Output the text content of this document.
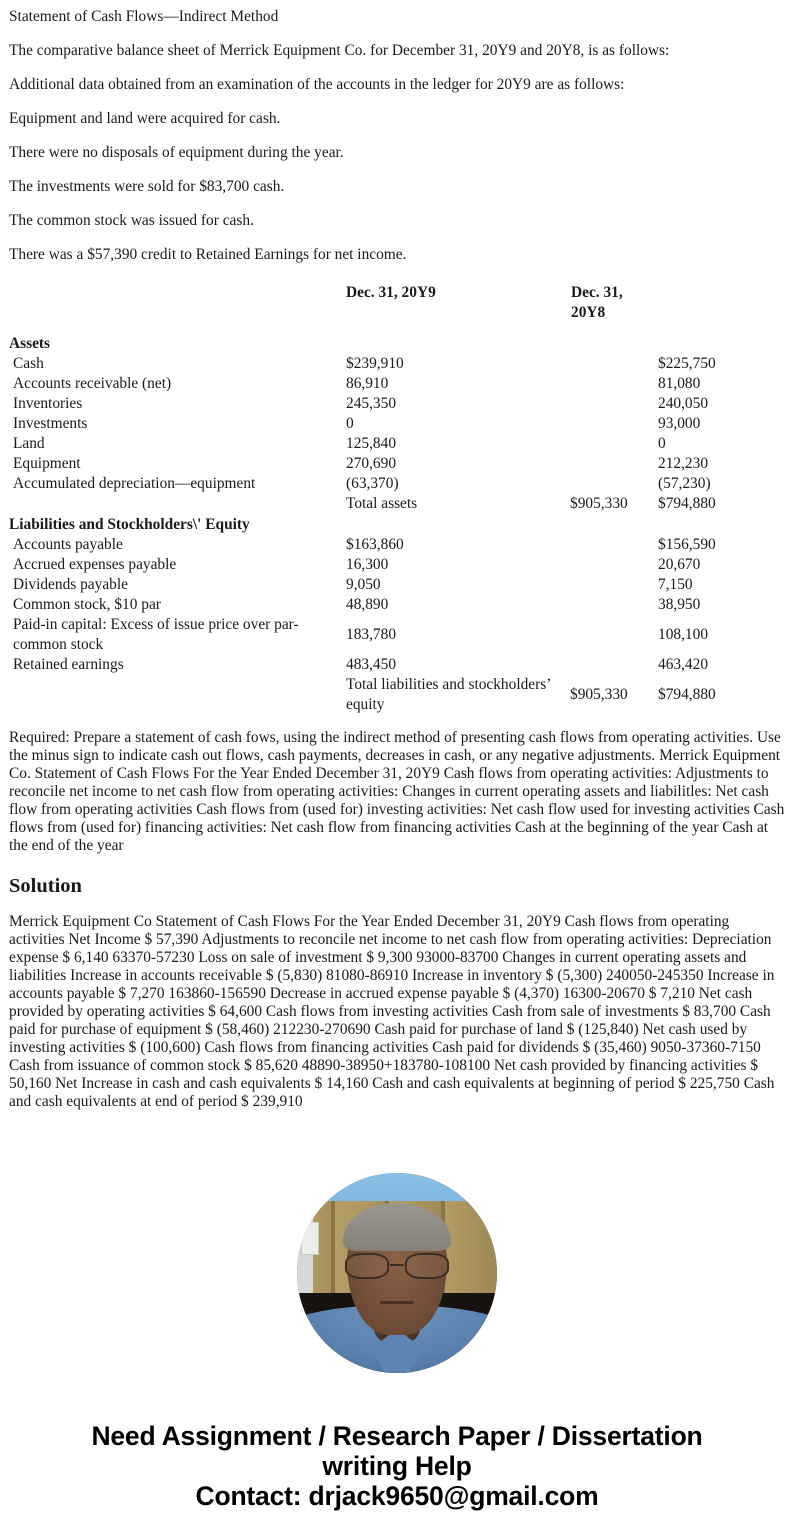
Statement of Cash Flows—Indirect Method

The comparative balance sheet of Merrick Equipment Co. for December 31, 20Y9 and 20Y8, is as follows:

Additional data obtained from an examination of the accounts in the ledger for 20Y9 are as follows:

Equipment and land were acquired for cash.

There were no disposals of equipment during the year.

The investments were sold for $83,700 cash.

The common stock was issued for cash.

There was a $57,390 credit to Retained Earnings for net income.

	Dec. 31, 20Y9	Dec. 31, 20Y8	
Assets			
Cash	$239,910		$225,750
Accounts receivable (net)	86,910		81,080
Inventories	245,350		240,050
Investments	0		93,000
Land	125,840		0
Equipment	270,690		212,230
Accumulated depreciation—equipment	(63,370)		(57,230)
	Total assets	$905,330	$794,880
Liabilities and Stockholders\' Equity			
Accounts payable	$163,860		$156,590
Accrued expenses payable	16,300		20,670
Dividends payable	9,050		7,150
Common stock, $10 par	48,890		38,950
Paid-in capital: Excess of issue price over par-common stock	183,780		108,100
Retained earnings	483,450		463,420
	Total liabilities and stockholders’ equity	$905,330	$794,880

Required: Prepare a statement of cash fows, using the indirect method of presenting cash flows from operating activities. Use the minus sign to indicate cash out flows, cash payments, decreases in cash, or any negative adjustments. Merrick Equipment Co. Statement of Cash Flows For the Year Ended December 31, 20Y9 Cash flows from operating activities: Adjustments to reconcile net income to net cash flow from operating activities: Changes in current operating assets and liabilitles: Net cash flow from operating activities Cash flows from (used for) investing activities: Net cash flow used for investing activities Cash flows from (used for) financing activities: Net cash flow from financing activities Cash at the beginning of the year Cash at the end of the year

Solution

Merrick Equipment Co Statement of Cash Flows For the Year Ended December 31, 20Y9 Cash flows from operating activities Net Income $ 57,390 Adjustments to reconcile net income to net cash flow from operating activities: Depreciation expense $ 6,140 63370-57230 Loss on sale of investment $ 9,300 93000-83700 Changes in current operating assets and liabilities Increase in accounts receivable $ (5,830) 81080-86910 Increase in inventory $ (5,300) 240050-245350 Increase in accounts payable $ 7,270 163860-156590 Decrease in accrued expense payable $ (4,370) 16300-20670 $ 7,210 Net cash provided by operating activities $ 64,600 Cash flows from investing activities Cash from sale of investments $ 83,700 Cash paid for purchase of equipment $ (58,460) 212230-270690 Cash paid for purchase of land $ (125,840) Net cash used by investing activities $ (100,600) Cash flows from financing activities Cash paid for dividends $ (35,460) 9050-37360-7150 Cash from issuance of common stock $ 85,620 48890-38950+183780-108100 Net cash provided by financing activities $ 50,160 Net Increase in cash and cash equivalents $ 14,160 Cash and cash equivalents at beginning of period $ 225,750 Cash and cash equivalents at end of period $ 239,910

Need Assignment / Research Paper / Dissertation
writing Help
Contact: drjack9650@gmail.com
